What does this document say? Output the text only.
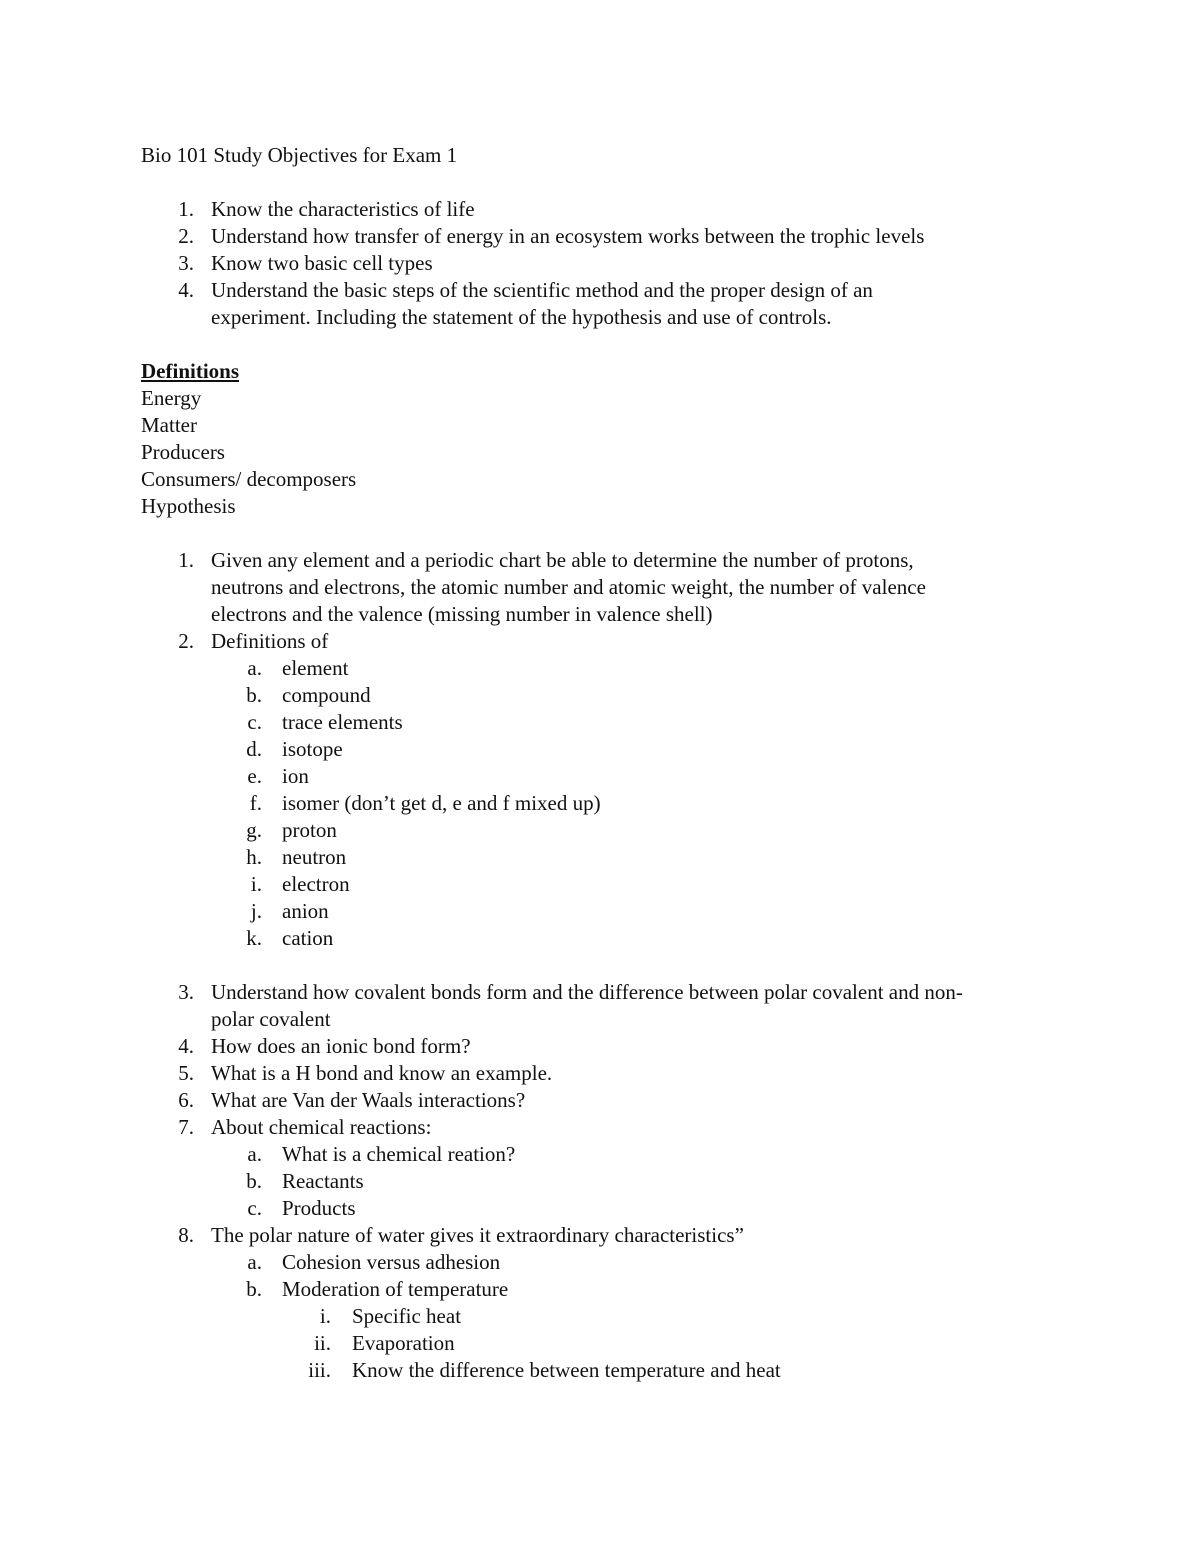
Bio 101 Study Objectives for Exam 1
1. Know the characteristics of life
2. Understand how transfer of energy in an ecosystem works between the trophic levels
3. Know two basic cell types
4. Understand the basic steps of the scientific method and the proper design of an
experiment. Including the statement of the hypothesis and use of controls.
Definitions
Energy
Matter
Producers
Consumers/ decomposers
Hypothesis
1. Given any element and a periodic chart be able to determine the number of protons,
neutrons and electrons, the atomic number and atomic weight, the number of valence
electrons and the valence (missing number in valence shell)
2. Definitions of
a. element
b. compound
c. trace elements
d. isotope
e. ion
f. isomer (don’t get d, e and f mixed up)
g. proton
h. neutron
i. electron
j. anion
k. cation
3. Understand how covalent bonds form and the difference between polar covalent and non-
polar covalent
4. How does an ionic bond form?
5. What is a H bond and know an example.
6. What are Van der Waals interactions?
7. About chemical reactions:
a. What is a chemical reation?
b. Reactants
c. Products
8. The polar nature of water gives it extraordinary characteristics”
a. Cohesion versus adhesion
b. Moderation of temperature
i. Specific heat
ii. Evaporation
iii. Know the difference between temperature and heat
